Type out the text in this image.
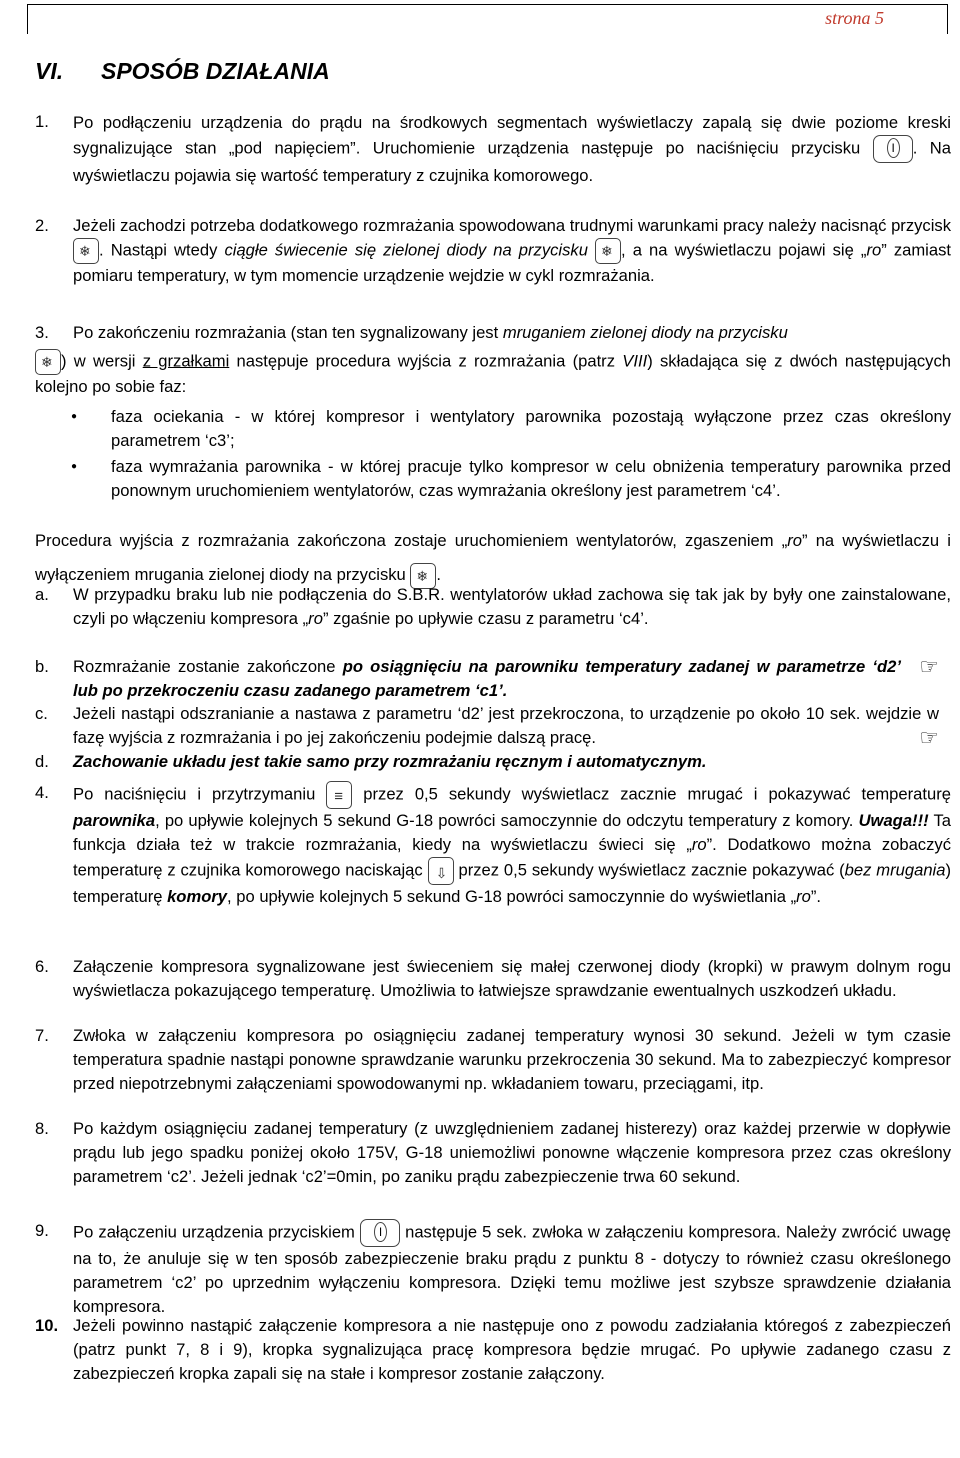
strona 5
VI. SPOSÓB DZIAŁANIA
1.	Po podłączeniu urządzenia do prądu na środkowych segmentach wyświetlaczy zapalą się dwie poziome kreski sygnalizujące stan „pod napięciem”. Uruchomienie urządzenia następuje po naciśnięciu przycisku I	. Na wyświetlaczu pojawia się wartość temperatury z czujnika komorowego.
2.	Jeżeli zachodzi potrzeba dodatkowego rozmrażania spowodowana trudnymi warunkami pracy należy nacisnąć przycisk ❄. Nastąpi wtedy ciągłe świecenie się zielonej diody na przycisku ❄ , a na wyświetlaczu pojawi się „ro” zamiast pomiaru temperatury, w tym momencie urządzenie wejdzie w cykl rozmrażania.
3.	Po zakończeniu rozmrażania (stan ten sygnalizowany jest mruganiem zielonej diody na przycisku
❄) w wersji z grzałkami następuje procedura wyjścia z rozmrażania (patrz VIII) składająca się z dwóch następujących kolejno po sobie faz:
● faza ociekania - w której kompresor i wentylatory parownika pozostają wyłączone przez czas określony parametrem ‘c3’;
● faza wymrażania parownika - w której pracuje tylko kompresor w celu obniżenia temperatury parownika przed ponownym uruchomieniem wentylatorów, czas wymrażania określony jest parametrem ‘c4’.
Procedura wyjścia z rozmrażania zakończona zostaje uruchomieniem wentylatorów, zgaszeniem „ro” na wyświetlaczu i wyłączeniem mrugania zielonej diody na przycisku ❄ .
a.	W przypadku braku lub nie podłączenia do S.B.R. wentylatorów układ zachowa się tak jak by były one zainstalowane, czyli po włączeniu kompresora „ro” zgaśnie po upływie czasu z parametru ‘c4’.
b.	Rozmrażanie zostanie zakończone po osiągnięciu na parowniku temperatury zadanej w parametrze ‘d2’ lub po przekroczeniu czasu zadanego parametrem ‘c1’.
☞
c.	Jeżeli nastąpi odszranianie a nastawa z parametru ‘d2’ jest przekroczona, to urządzenie po około 10 sek. wejdzie w fazę wyjścia z rozmrażania i po jej zakończeniu podejmie dalszą pracę.	☞
d.	Zachowanie układu jest takie samo przy rozmrażaniu ręcznym i automatycznym.
4.	Po naciśnięciu i przytrzymaniu ≡ przez 0,5 sekundy wyświetlacz zacznie mrugać i pokazywać temperaturę parownika, po upływie kolejnych 5 sekund G-18 powróci samoczynnie do odczytu temperatury z komory. Uwaga!!! Ta funkcja działa też w trakcie rozmrażania, kiedy na wyświetlaczu świeci się „ro”. Dodatkowo można zobaczyć temperaturę z czujnika komorowego naciskając ⇩ przez 0,5 sekundy wyświetlacz zacznie pokazywać (bez mrugania) temperaturę komory, po upływie kolejnych 5 sekund G-18 powróci samoczynnie do wyświetlania „ro”.
6.	Załączenie kompresora sygnalizowane jest świeceniem się małej czerwonej diody (kropki) w prawym dolnym rogu wyświetlacza pokazującego temperaturę. Umożliwia to łatwiejsze sprawdzanie ewentualnych uszkodzeń układu.
7.	Zwłoka w załączeniu kompresora po osiągnięciu zadanej temperatury wynosi 30 sekund. Jeżeli w tym czasie temperatura spadnie nastąpi ponowne sprawdzanie warunku przekroczenia 30 sekund. Ma to zabezpieczyć kompresor przed niepotrzebnymi załączeniami spowodowanymi np. wkładaniem towaru, przeciągami, itp.
8.	Po każdym osiągnięciu zadanej temperatury (z uwzględnieniem zadanej histerezy) oraz każdej przerwie w dopływie prądu lub jego spadku poniżej około 175V, G-18 uniemożliwi ponowne włączenie kompresora przez czas określony parametrem ‘c2’. Jeżeli jednak ‘c2’=0min, po zaniku prądu zabezpieczenie trwa 60 sekund.
9.	Po załączeniu urządzenia przyciskiem I	następuje 5 sek. zwłoka w załączeniu kompresora. Należy zwrócić uwagę na to, że anuluje się w ten sposób zabezpieczenie braku prądu z punktu 8 - dotyczy to również czasu określonego parametrem ‘c2’ po uprzednim wyłączeniu kompresora. Dzięki temu możliwe jest szybsze sprawdzenie działania kompresora.
10. Jeżeli powinno nastąpić załączenie kompresora a nie następuje ono z powodu zadziałania któregoś z zabezpieczeń (patrz punkt 7, 8 i 9), kropka sygnalizująca pracę kompresora będzie mrugać. Po upływie zadanego czasu z zabezpieczeń kropka zapali się na stałe i kompresor zostanie załączony.
